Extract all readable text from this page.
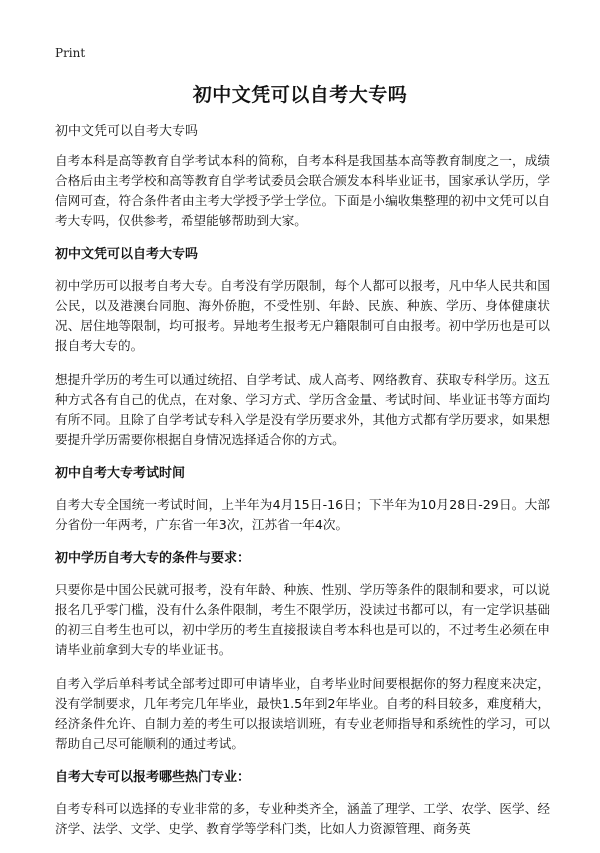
Print
初中文凭可以自考大专吗
初中文凭可以自考大专吗

自考本科是高等教育自学考试本科的简称，自考本科是我国基本高等教育制度之一，成绩合格后由主考学校和高等教育自学考试委员会联合颁发本科毕业证书，国家承认学历，学信网可查，符合条件者由主考大学授予学士学位。下面是小编收集整理的初中文凭可以自考大专吗，仅供参考，希望能够帮助到大家。

初中文凭可以自考大专吗

初中学历可以报考自考大专。自考没有学历限制，每个人都可以报考，凡中华人民共和国公民，以及港澳台同胞、海外侨胞，不受性别、年龄、民族、种族、学历、身体健康状况、居住地等限制，均可报考。异地考生报考无户籍限制可自由报考。初中学历也是可以报自考大专的。

想提升学历的考生可以通过统招、自学考试、成人高考、网络教育、获取专科学历。这五种方式各有自己的优点，在对象、学习方式、学历含金量、考试时间、毕业证书等方面均有所不同。且除了自学考试专科入学是没有学历要求外，其他方式都有学历要求，如果想要提升学历需要你根据自身情况选择适合你的方式。

初中自考大专考试时间

自考大专全国统一考试时间，上半年为4月15日-16日；下半年为10月28日-29日。大部分省份一年两考，广东省一年3次，江苏省一年4次。

初中学历自考大专的条件与要求：

只要你是中国公民就可报考，没有年龄、种族、性别、学历等条件的限制和要求，可以说报名几乎零门槛，没有什么条件限制，考生不限学历，没读过书都可以，有一定学识基础的初三自考生也可以，初中学历的考生直接报读自考本科也是可以的，不过考生必须在申请毕业前拿到大专的毕业证书。

自考入学后单科考试全部考过即可申请毕业，自考毕业时间要根据你的努力程度来决定，没有学制要求，几年考完几年毕业，最快1.5年到2年毕业。自考的科目较多，难度稍大，经济条件允许、自制力差的考生可以报读培训班，有专业老师指导和系统性的学习，可以帮助自己尽可能顺利的通过考试。

自考大专可以报考哪些热门专业：

自考专科可以选择的专业非常的多，专业种类齐全，涵盖了理学、工学、农学、医学、经济学、法学、文学、史学、教育学等学科门类，比如人力资源管理、商务英
